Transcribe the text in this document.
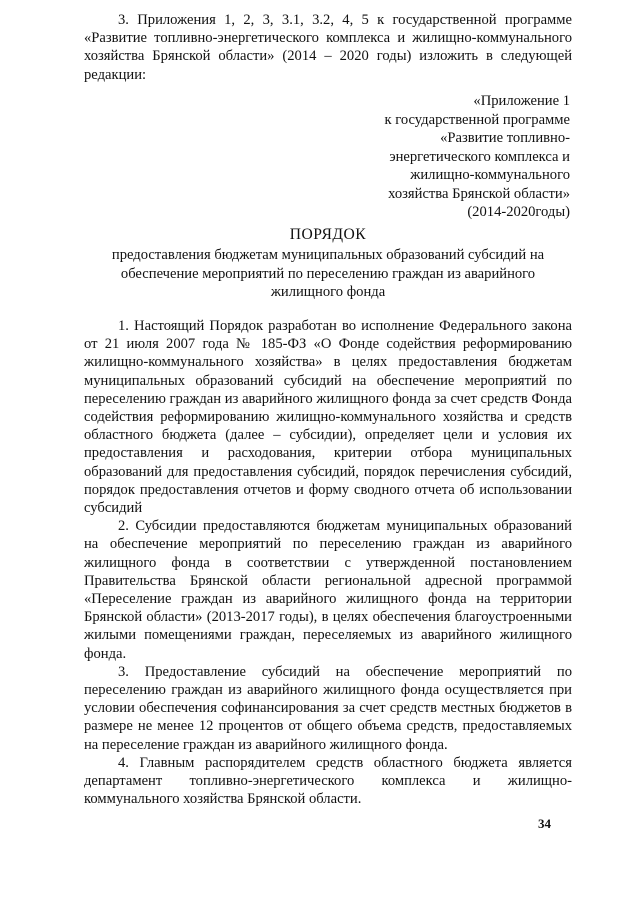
3. Приложения 1, 2, 3, 3.1, 3.2, 4, 5 к государственной программе «Развитие топливно-энергетического комплекса и жилищно-коммунального хозяйства Брянской области» (2014 – 2020 годы) изложить в следующей редакции:

«Приложение 1
к государственной программе
«Развитие топливно-
энергетического комплекса и
жилищно-коммунального
хозяйства Брянской области»
(2014-2020годы)
ПОРЯДОК

предоставления бюджетам муниципальных образований субсидий на обеспечение мероприятий по переселению граждан из аварийного жилищного фонда

1. Настоящий Порядок разработан во исполнение Федерального закона от 21 июля 2007 года № 185-ФЗ «О Фонде содействия реформированию жилищно-коммунального хозяйства» в целях предоставления бюджетам муниципальных образований субсидий на обеспечение мероприятий по переселению граждан из аварийного жилищного фонда за счет средств Фонда содействия реформированию жилищно-коммунального хозяйства и средств областного бюджета (далее – субсидии), определяет цели и условия их предоставления и расходования, критерии отбора муниципальных образований для предоставления субсидий, порядок перечисления субсидий, порядок предоставления отчетов и форму сводного отчета об использовании субсидий

2. Субсидии предоставляются бюджетам муниципальных образований на обеспечение мероприятий по переселению граждан из аварийного жилищного фонда в соответствии с утвержденной постановлением Правительства Брянской области региональной адресной программой «Переселение граждан из аварийного жилищного фонда на территории Брянской области» (2013-2017 годы), в целях обеспечения благоустроенными жилыми помещениями граждан, переселяемых из аварийного жилищного фонда.

3. Предоставление субсидий на обеспечение мероприятий по переселению граждан из аварийного жилищного фонда осуществляется при условии обеспечения софинансирования за счет средств местных бюджетов в размере не менее 12 процентов от общего объема средств, предоставляемых на переселение граждан из аварийного жилищного фонда.

4. Главным распорядителем средств областного бюджета является департамент топливно-энергетического комплекса и жилищно-коммунального хозяйства Брянской области.

34
